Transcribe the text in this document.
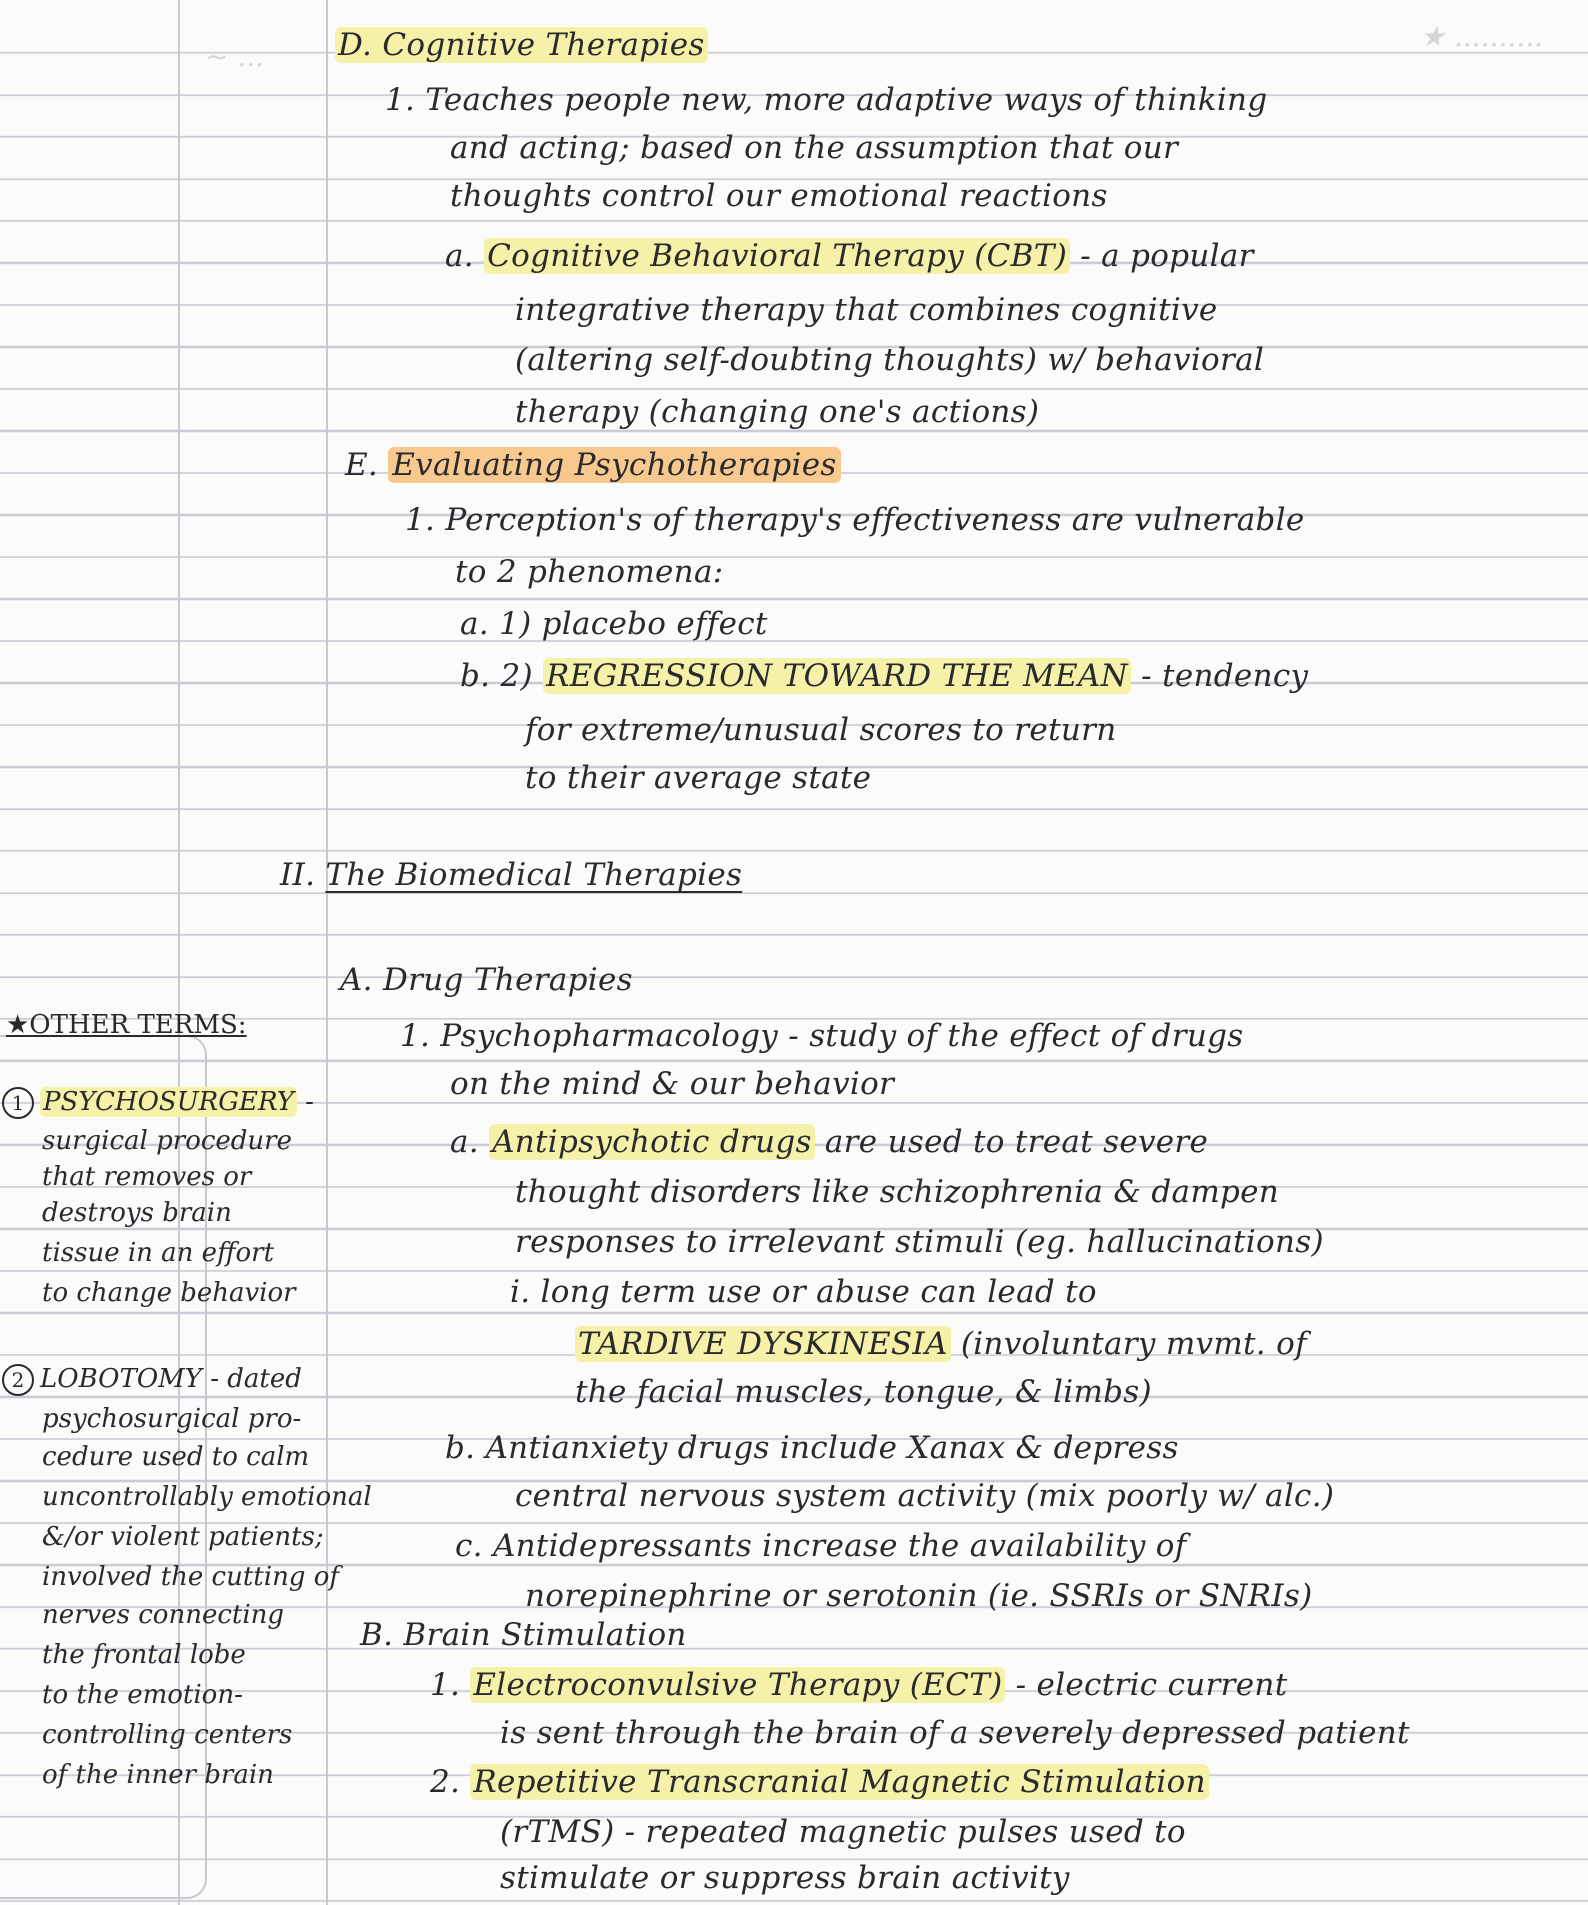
★ ..........
~ ... D. Cognitive Therapies
1. Teaches people new, more adaptive ways of thinking
and acting; based on the assumption that our
thoughts control our emotional reactions
a. Cognitive Behavioral Therapy (CBT) - a popular
integrative therapy that combines cognitive
(altering self-doubting thoughts) w/ behavioral
therapy (changing one's actions)
E. Evaluating Psychotherapies
1. Perception's of therapy's effectiveness are vulnerable
to 2 phenomena:
a. 1) placebo effect
b. 2) REGRESSION TOWARD THE MEAN - tendency
for extreme/unusual scores to return
to their average state
II. The Biomedical Therapies
A. Drug Therapies
1. Psychopharmacology - study of the effect of drugs
on the mind & our behavior
a. Antipsychotic drugs are used to treat severe
thought disorders like schizophrenia & dampen
responses to irrelevant stimuli (eg. hallucinations)
i. long term use or abuse can lead to
TARDIVE DYSKINESIA (involuntary mvmt. of
the facial muscles, tongue, & limbs)
b. Antianxiety drugs include Xanax & depress
central nervous system activity (mix poorly w/ alc.)
c. Antidepressants increase the availability of
norepinephrine or serotonin (ie. SSRIs or SNRIs)
B. Brain Stimulation
1. Electroconvulsive Therapy (ECT) - electric current
is sent through the brain of a severely depressed patient
2. Repetitive Transcranial Magnetic Stimulation
(rTMS) - repeated magnetic pulses used to
stimulate or suppress brain activity
★OTHER TERMS:
1 PSYCHOSURGERY -
surgical procedure
that removes or
destroys brain
tissue in an effort
to change behavior
2 LOBOTOMY - dated
psychosurgical pro-
cedure used to calm
uncontrollably emotional
&/or violent patients;
involved the cutting of
nerves connecting
the frontal lobe
to the emotion-
controlling centers
of the inner brain
